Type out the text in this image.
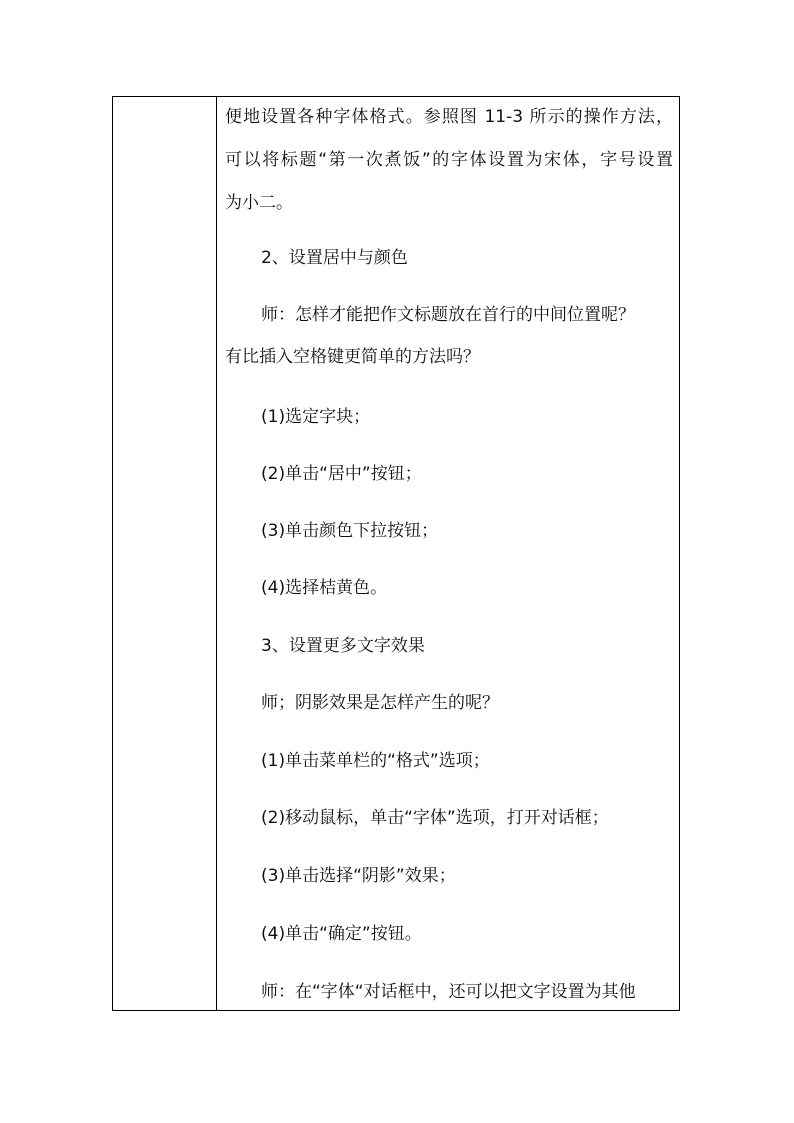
便地设置各种字体格式。参照图 11-3 所示的操作方法，
可以将标题“第一次煮饭”的字体设置为宋体，字号设置
为小二。
2、设置居中与颜色
师：怎样才能把作文标题放在首行的中间位置呢？
有比插入空格键更简单的方法吗？
(1)选定字块；
(2)单击“居中”按钮；
(3)单击颜色下拉按钮；
(4)选择桔黄色。
3、设置更多文字效果
师；阴影效果是怎样产生的呢？
(1)单击菜单栏的“格式”选项；
(2)移动鼠标，单击“字体”选项，打开对话框；
(3)单击选择“阴影”效果；
(4)单击“确定”按钮。
师：在“字体“对话框中，还可以把文字设置为其他
